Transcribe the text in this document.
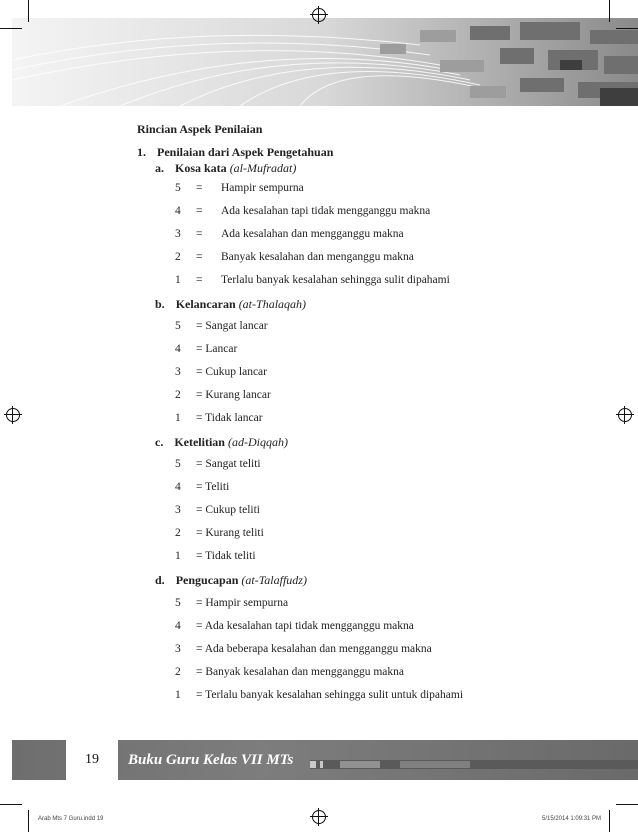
Rincian Aspek Penilaian
1. Penilaian dari Aspek Pengetahuan
a. Kosa kata (al-Mufradat)
5	= Hampir sempurna
4	= Ada kesalahan tapi tidak mengganggu makna
3	= Ada kesalahan dan mengganggu makna
2	= Banyak kesalahan dan menganggu makna
1	= Terlalu banyak kesalahan sehingga sulit dipahami
b. Kelancaran (at-Thalaqah)
5	= Sangat lancar
4	= Lancar
3	= Cukup lancar
2	= Kurang lancar
1	= Tidak lancar
c. Ketelitian (ad-Diqqah)
5	= Sangat teliti
4	= Teliti
3	= Cukup teliti
2	= Kurang teliti
1	= Tidak teliti
d. Pengucapan (at-Talaffudz)
5	= Hampir sempurna
4	= Ada kesalahan tapi tidak mengganggu makna
3	= Ada beberapa kesalahan dan mengganggu makna
2	= Banyak kesalahan dan mengganggu makna
1	= Terlalu banyak kesalahan sehingga sulit untuk dipahami
19	Buku Guru Kelas VII MTs
Arab Mts 7 Guru.indd 19	5/15/2014 1:09:31 PM
